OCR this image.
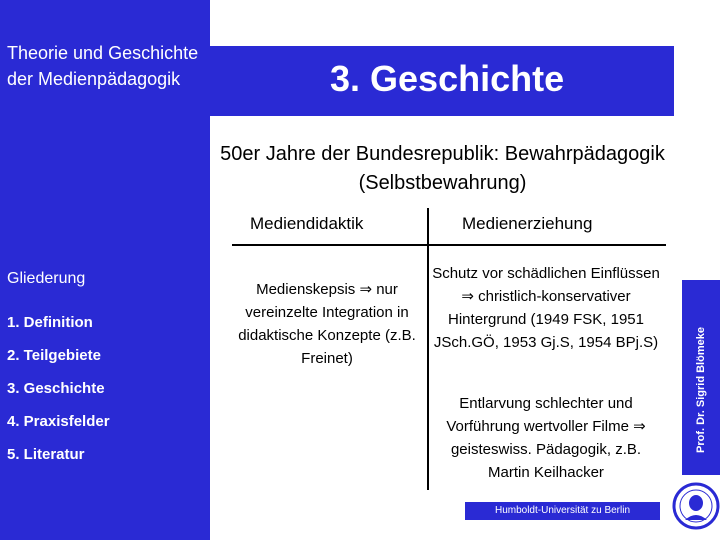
Theorie und Geschichte der Medienpädagogik
Gliederung
1. Definition
2. Teilgebiete
3. Geschichte
4. Praxisfelder
5. Literatur
3. Geschichte
50er Jahre der Bundesrepublik: Bewahrpädagogik (Selbstbewahrung)
Mediendidaktik	Medienerziehung
Medienskepsis ⇒ nur vereinzelte Integration in didaktische Konzepte (z.B. Freinet)
Schutz vor schädlichen Einflüssen ⇒ christlich-konservativer Hintergrund (1949 FSK, 1951 JSch.GÖ, 1953 Gj.S, 1954 BPj.S)
Entlarvung schlechter und Vorführung wertvoller Filme ⇒ geisteswiss. Pädagogik, z.B. Martin Keilhacker
Prof. Dr. Sigrid Blömeke
Humboldt-Universität zu Berlin
